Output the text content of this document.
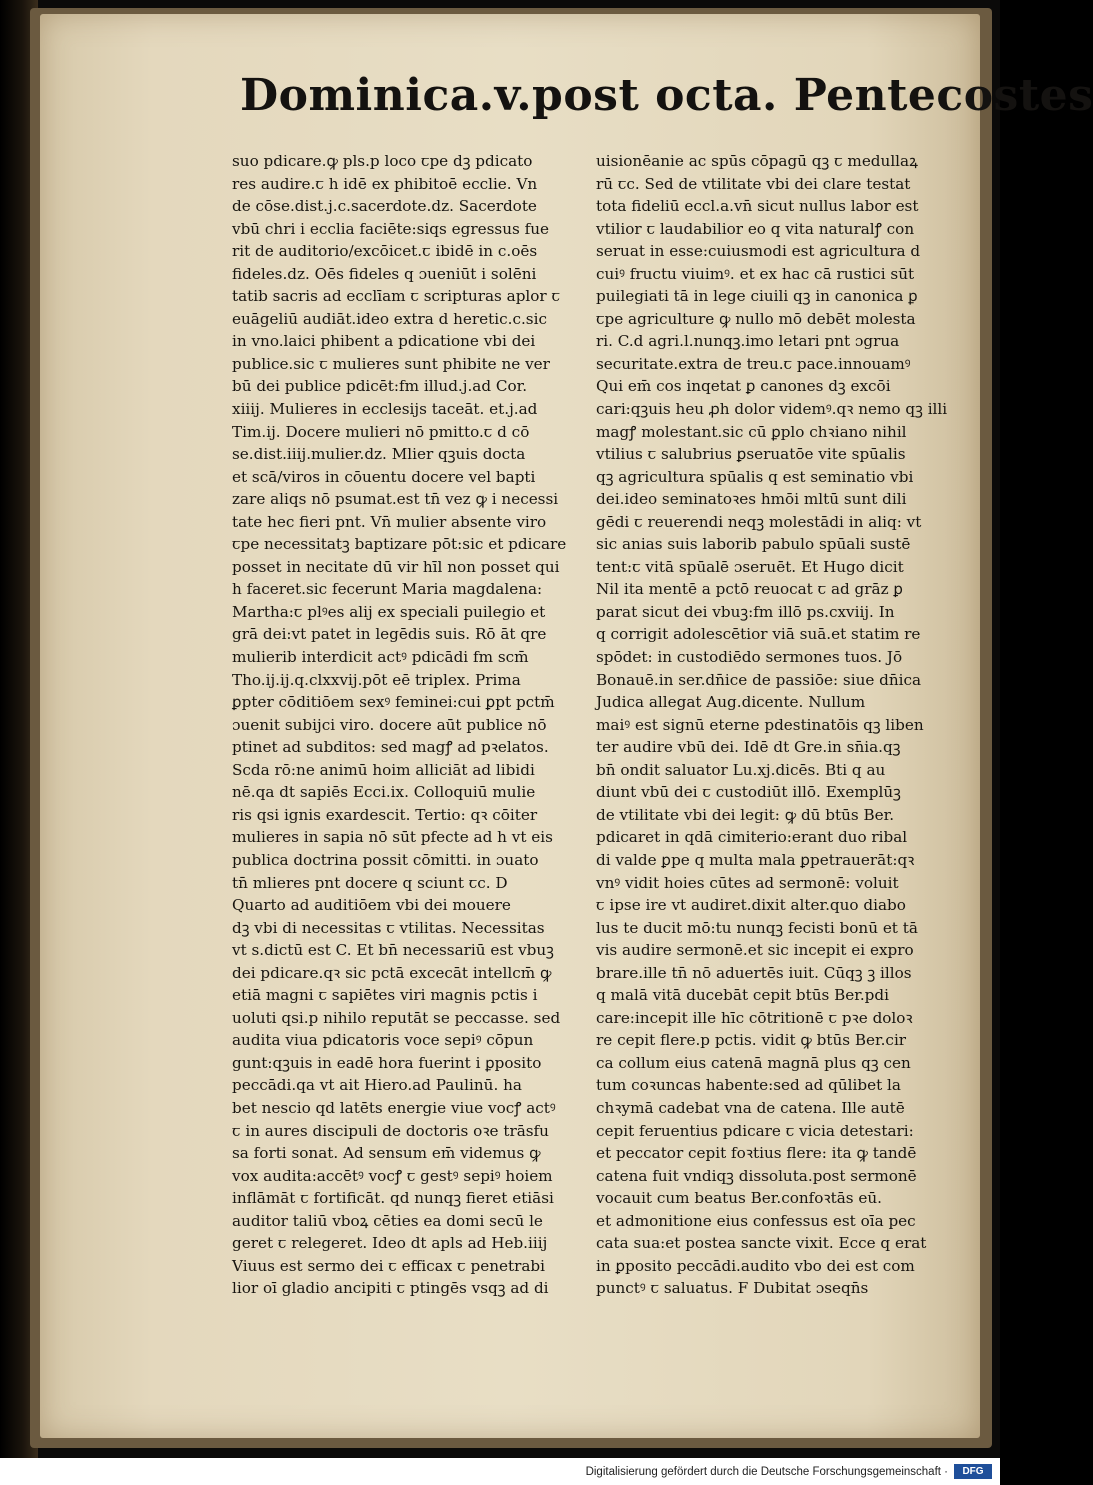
Dominica.v.post octa. Pentecostes
suo pdicare.ꝙ pls.p loco ꞇpe dꝫ pdicato
res audire.ꞇ h idē ex phibitoē ecclie. Vn
de cōse.dist.j.c.sacerdote.dz. Sacerdote
vbū chri i ecclia faciēte:siqs egressus fue
rit de auditorio/excōicet.ꞇ ibidē in c.oēs
fideles.dz. Oēs fideles q ɔueniūt i solēni
tatib sacris ad ecclīam ꞇ scripturas aplor ꞇ
euāgeliū audiāt.ideo extra d heretic.c.sic
in vno.laici phibent a pdicatione vbi dei
publice.sic ꞇ mulieres sunt phibite ne ver
bū dei publice pdicēt:fm illud.j.ad Cor.
xiiij. Mulieres in ecclesijs taceāt. et.j.ad
Tim.ij. Docere mulieri nō pmitto.ꞇ d cō
se.dist.iiij.mulier.dz. Mlier qꝫuis docta
et scā/viros in cōuentu docere vel bapti
zare aliqs nō psumat.est tn̄ vez ꝙ i necessi
tate hec fieri pnt. Vn̄ mulier absente viro
ꞇpe necessitatꝫ baptizare pōt:sic et pdicare
posset in necitate dū vir hīl non posset qui
h faceret.sic fecerunt Maria magdalena:
Martha:ꞇ plꝰes alij ex speciali puilegio et
grā dei:vt patet in legēdis suis. Rō āt qre
mulierib interdicit actꝰ pdicādi fm scm̄
Tho.ij.ij.q.clxxvij.pōt eē triplex. Prima
ꝑpter cōditiōem sexꝰ feminei:cui ꝑpt pctm̄
ɔuenit subijci viro. docere aūt publice nō
ptinet ad subditos: sed magꝭ ad pꝛelatos.
Scda rō:ne animū hoim alliciāt ad libidi
nē.qa dt sapiēs Ecci.ix. Colloquiū mulie
ris qsi ignis exardescit. Tertio: qꝛ cōiter
mulieres in sapia nō sūt pfecte ad h vt eis
publica doctrina possit cōmitti. in ɔuato
tn̄ mlieres pnt docere q sciunt ꞇc. D
Quarto ad auditiōem vbi dei mouere
dꝫ vbi di necessitas ꞇ vtilitas. Necessitas
vt s.dictū est C. Et bn̄ necessariū est vbuꝫ
dei pdicare.qꝛ sic pctā excecāt intellcm̄ ꝙ
etiā magni ꞇ sapiētes viri magnis pctis i
uoluti qsi.p nihilo reputāt se peccasse. sed
audita viua pdicatoris voce sepiꝰ cōpun
gunt:qꝫuis in eadē hora fuerint i ꝑposito
peccādi.qa vt ait Hiero.ad Paulinū. ha
bet nescio qd latēts energie viue vocꝭ actꝰ
ꞇ in aures discipuli de doctoris oꝛe trāsfu
sa forti sonat. Ad sensum em̄ videmus ꝙ
vox audita:accētꝰ vocꝭ ꞇ gestꝰ sepiꝰ hoiem
inflāmāt ꞇ fortificāt. qd nunqꝫ fieret etiāsi
auditor taliū vboꝝ cēties ea domi secū le
geret ꞇ relegeret. Ideo dt apls ad Heb.iiij
Viuus est sermo dei ꞇ efficax ꞇ penetrabi
lior oī gladio ancipiti ꞇ ptingēs vsqꝫ ad di
uisionēanie ac spūs cōpagū qꝫ ꞇ medullaꝝ
rū ꞇc. Sed de vtilitate vbi dei clare testat
tota fideliū eccl.a.vn̄ sicut nullus labor est
vtilior ꞇ laudabilior eo q vita naturalꝭ con
seruat in esse:cuiusmodi est agricultura d
cuiꝰ fructu viuimꝰ. et ex hac cā rustici sūt
puilegiati tā in lege ciuili qꝫ in canonica ꝑ
ꞇpe agriculture ꝙ nullo mō debēt molesta
ri. C.d agri.l.nunqꝫ.imo letari pnt ɔgrua
securitate.extra de treu.ꞇ pace.innouamꝰ
Qui em̄ cos inqetat ꝑ canones dꝫ excōi
cari:qꝫuis heu ꝓh dolor videmꝰ.qꝛ nemo qꝫ illi
magꝭ molestant.sic cū ꝑplo chꝛiano nihil
vtilius ꞇ salubrius ꝑseruatōe vite spūalis
qꝫ agricultura spūalis q est seminatio vbi
dei.ideo seminatoꝛes hmōi mltū sunt dili
gēdi ꞇ reuerendi neqꝫ molestādi in aliq: vt
sic anias suis laborib pabulo spūali sustē
tent:ꞇ vitā spūalē ɔseruēt. Et Hugo dicit
Nil ita mentē a pctō reuocat ꞇ ad grāz ꝑ
parat sicut dei vbuꝫ:fm illō ps.cxviij. In
q corrigit adolescētior viā suā.et statim re
spōdet: in custodiēdo sermones tuos. Jō
Bonauē.in ser.dn̄ice de passiōe: siue dn̄ica
Judica allegat Aug.dicente. Nullum
maiꝰ est signū eterne pdestinatōis qꝫ liben
ter audire vbū dei. Idē dt Gre.in sn̄ia.qꝫ
bn̄ ondit saluator Lu.xj.dicēs. Bti q au
diunt vbū dei ꞇ custodiūt illō. Exemplūꝫ
de vtilitate vbi dei legit: ꝙ dū btūs Ber.
pdicaret in qdā cimiterio:erant duo ribal
di valde ꝑpe q multa mala ꝑpetrauerāt:qꝛ
vnꝰ vidit hoies cūtes ad sermonē: voluit
ꞇ ipse ire vt audiret.dixit alter.quo diabo
lus te ducit mō:tu nunqꝫ fecisti bonū et tā
vis audire sermonē.et sic incepit ei expro
brare.ille tn̄ nō aduertēs iuit. Cūqꝫ ꝫ illos
q malā vitā ducebāt cepit btūs Ber.pdi
care:incepit ille hīc cōtritionē ꞇ pꝛe doloꝛ
re cepit flere.p pctis. vidit ꝙ btūs Ber.cir
ca collum eius catenā magnā plus qꝫ cen
tum coꝛuncas habente:sed ad qūlibet la
chꝛymā cadebat vna de catena. Ille autē
cepit feruentius pdicare ꞇ vicia detestari:
et peccator cepit foꝛtius flere: ita ꝙ tandē
catena fuit vndiqꝫ dissoluta.post sermonē
vocauit cum beatus Ber.confoꝛtās eū.
et admonitione eius confessus est oīa pec
cata sua:et postea sancte vixit. Ecce q erat
in ꝑposito peccādi.audito vbo dei est com
punctꝰ ꞇ saluatus. F Dubitat ɔseqn̄s
Digitalisierung gefördert durch die Deutsche Forschungsgemeinschaft ·	DFG
